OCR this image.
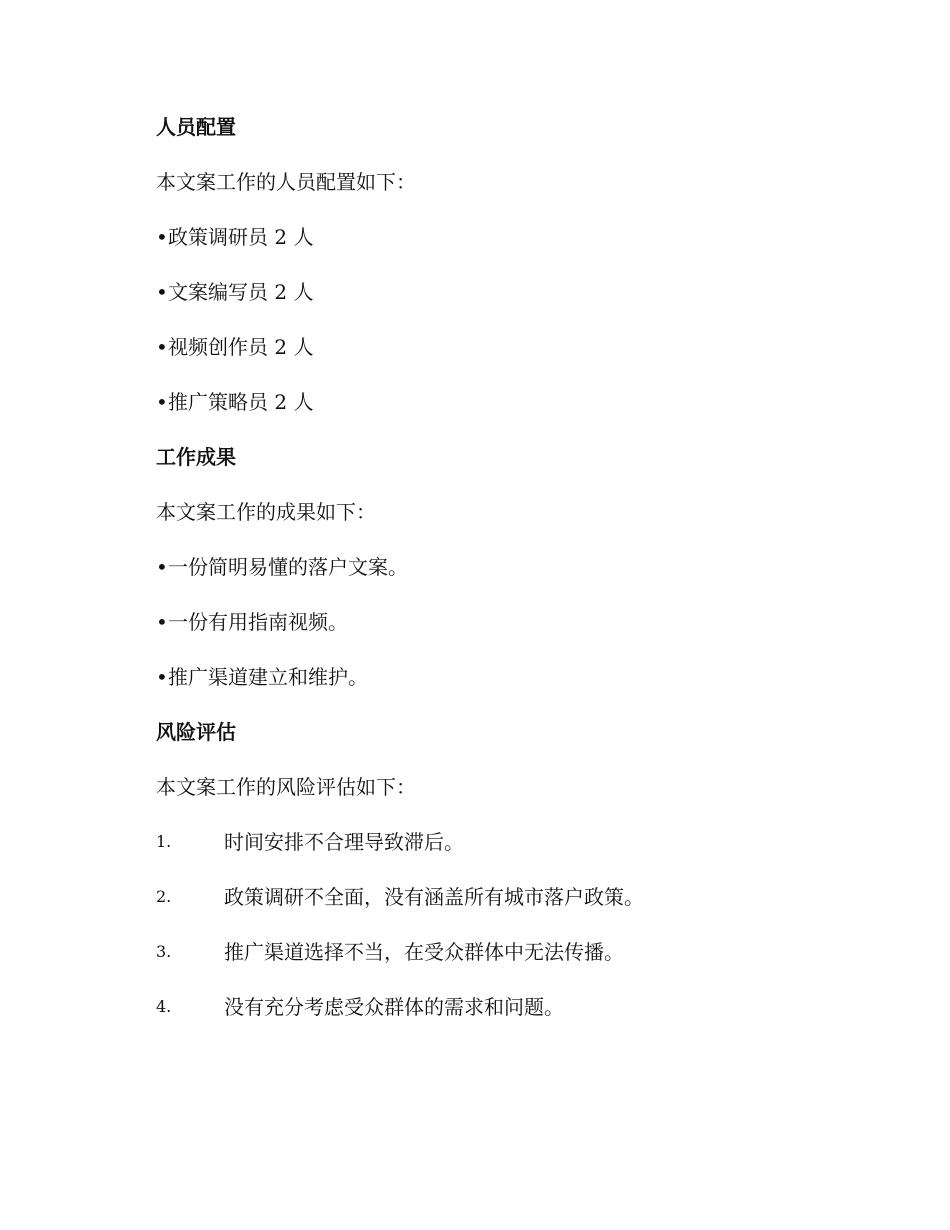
人员配置
本文案工作的人员配置如下：
• 政策调研员 2 人
• 文案编写员 2 人
• 视频创作员 2 人
• 推广策略员 2 人
工作成果
本文案工作的成果如下：
• 一份简明易懂的落户文案。
• 一份有用指南视频。
• 推广渠道建立和维护。
风险评估
本文案工作的风险评估如下：
1.	时间安排不合理导致滞后。
2.	政策调研不全面，没有涵盖所有城市落户政策。
3.	推广渠道选择不当，在受众群体中无法传播。
4.	没有充分考虑受众群体的需求和问题。
